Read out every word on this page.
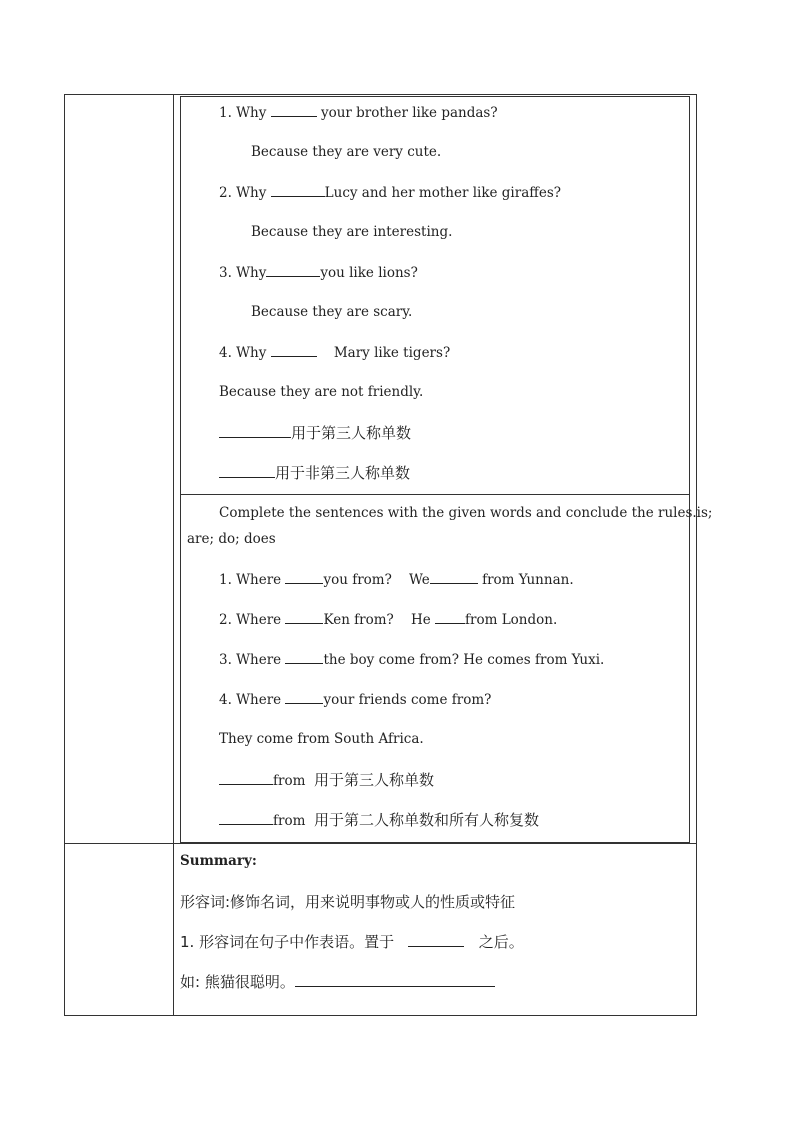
1. Why	your brother like pandas?
Because they are very cute.
2. Why	Lucy and her mother like giraffes?
Because they are interesting.
3. Why	you like lions?
Because they are scary.
4. Why	Mary like tigers?
Because they are not friendly.
用于第三人称单数
用于非第三人称单数
Complete the sentences with the given words and conclude the rules.is;
are; do; does
1. Where	you from? We	from Yunnan.
2. Where	Ken from? He	from London.
3. Where	the boy come from? He comes from Yuxi.
4. Where	your friends come from?
They come from South Africa.
from 用于第三人称单数
from 用于第二人称单数和所有人称复数
Summary:
形容词:修饰名词，用来说明事物或人的性质或特征
1. 形容词在句子中作表语。置于	之后。
如: 熊猫很聪明。
